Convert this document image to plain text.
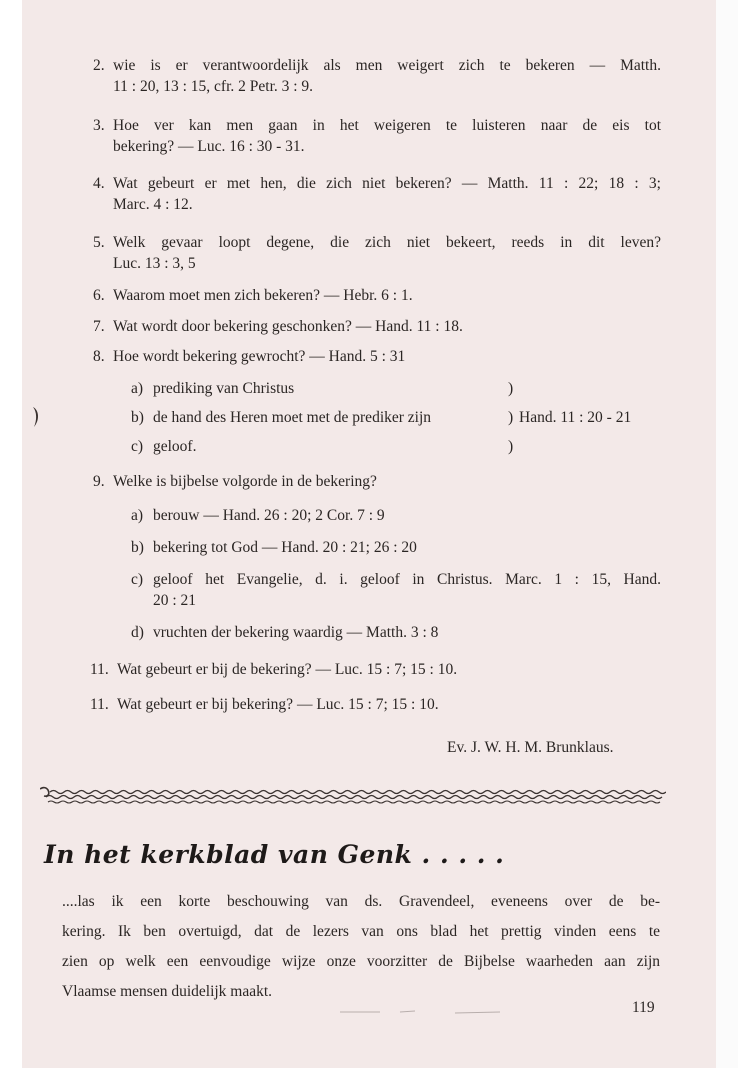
2. wie is er verantwoordelijk als men weigert zich te bekeren — Matth.

11 : 20, 13 : 15, cfr. 2 Petr. 3 : 9.

3. Hoe ver kan men gaan in het weigeren te luisteren naar de eis tot

bekering? — Luc. 16 : 30 - 31.

4. Wat gebeurt er met hen, die zich niet bekeren? — Matth. 11 : 22; 18 : 3;

Marc. 4 : 12.

5. Welk gevaar loopt degene, die zich niet bekeert, reeds in dit leven?

Luc. 13 : 3, 5

6. Waarom moet men zich bekeren? — Hebr. 6 : 1.

7. Wat wordt door bekering geschonken? — Hand. 11 : 18.

8. Hoe wordt bekering gewrocht? — Hand. 5 : 31

a) prediking van Christus	)
b) de hand des Heren moet met de prediker zijn	) Hand. 11 : 20 - 21
c) geloof.	)
9. Welke is bijbelse volgorde in de bekering?

a) berouw — Hand. 26 : 20; 2 Cor. 7 : 9
b) bekering tot God — Hand. 20 : 21; 26 : 20
c) geloof het Evangelie, d. i. geloof in Christus. Marc. 1 : 15, Hand.

20 : 21

d) vruchten der bekering waardig — Matth. 3 : 8
11. Wat gebeurt er bij de bekering? — Luc. 15 : 7; 15 : 10.

11. Wat gebeurt er bij bekering? — Luc. 15 : 7; 15 : 10.

Ev. J. W. H. M. Brunklaus.

In het kerkblad van Genk . . . . .

....las ik een korte beschouwing van ds. Gravendeel, eveneens over de be-

kering. Ik ben overtuigd, dat de lezers van ons blad het prettig vinden eens te

zien op welk een eenvoudige wijze onze voorzitter de Bijbelse waarheden aan zijn

Vlaamse mensen duidelijk maakt.

119
